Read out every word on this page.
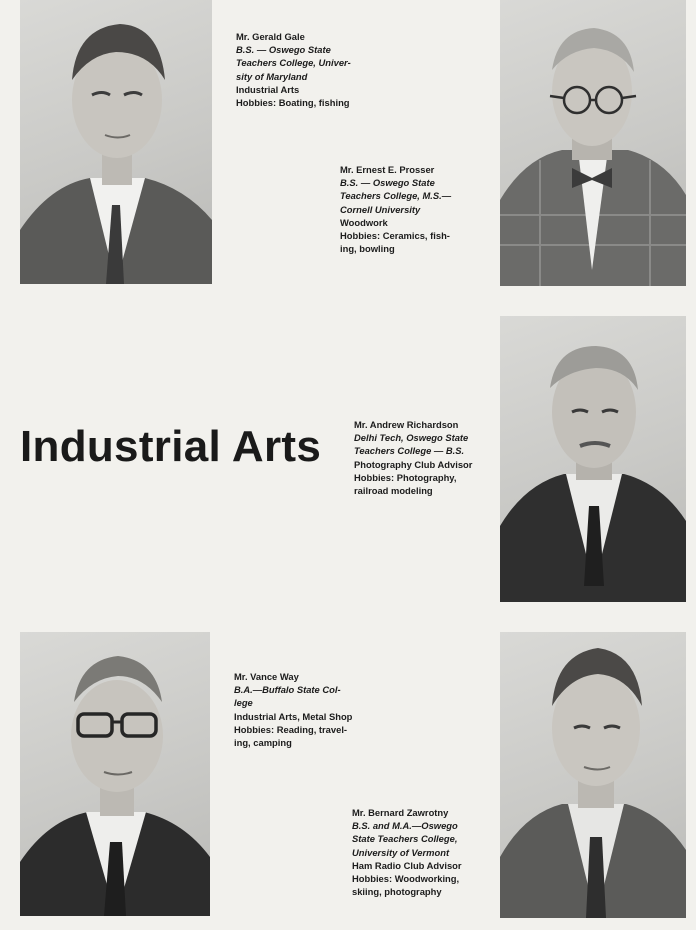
Industrial Arts
Mr. Gerald Gale
B.S. — Oswego State
Teachers College, Univer-
sity of Maryland
Industrial Arts
Hobbies: Boating, fishing
Mr. Ernest E. Prosser
B.S. — Oswego State
Teachers College, M.S.—
Cornell University
Woodwork
Hobbies: Ceramics, fish-
ing, bowling
Mr. Andrew Richardson
Delhi Tech, Oswego State
Teachers College — B.S.
Photography Club Advisor
Hobbies: Photography,
railroad modeling
Mr. Vance Way
B.A.—Buffalo State Col-
lege
Industrial Arts, Metal Shop
Hobbies: Reading, travel-
ing, camping
Mr. Bernard Zawrotny
B.S. and M.A.—Oswego
State Teachers College,
University of Vermont
Ham Radio Club Advisor
Hobbies: Woodworking,
skiing, photography
